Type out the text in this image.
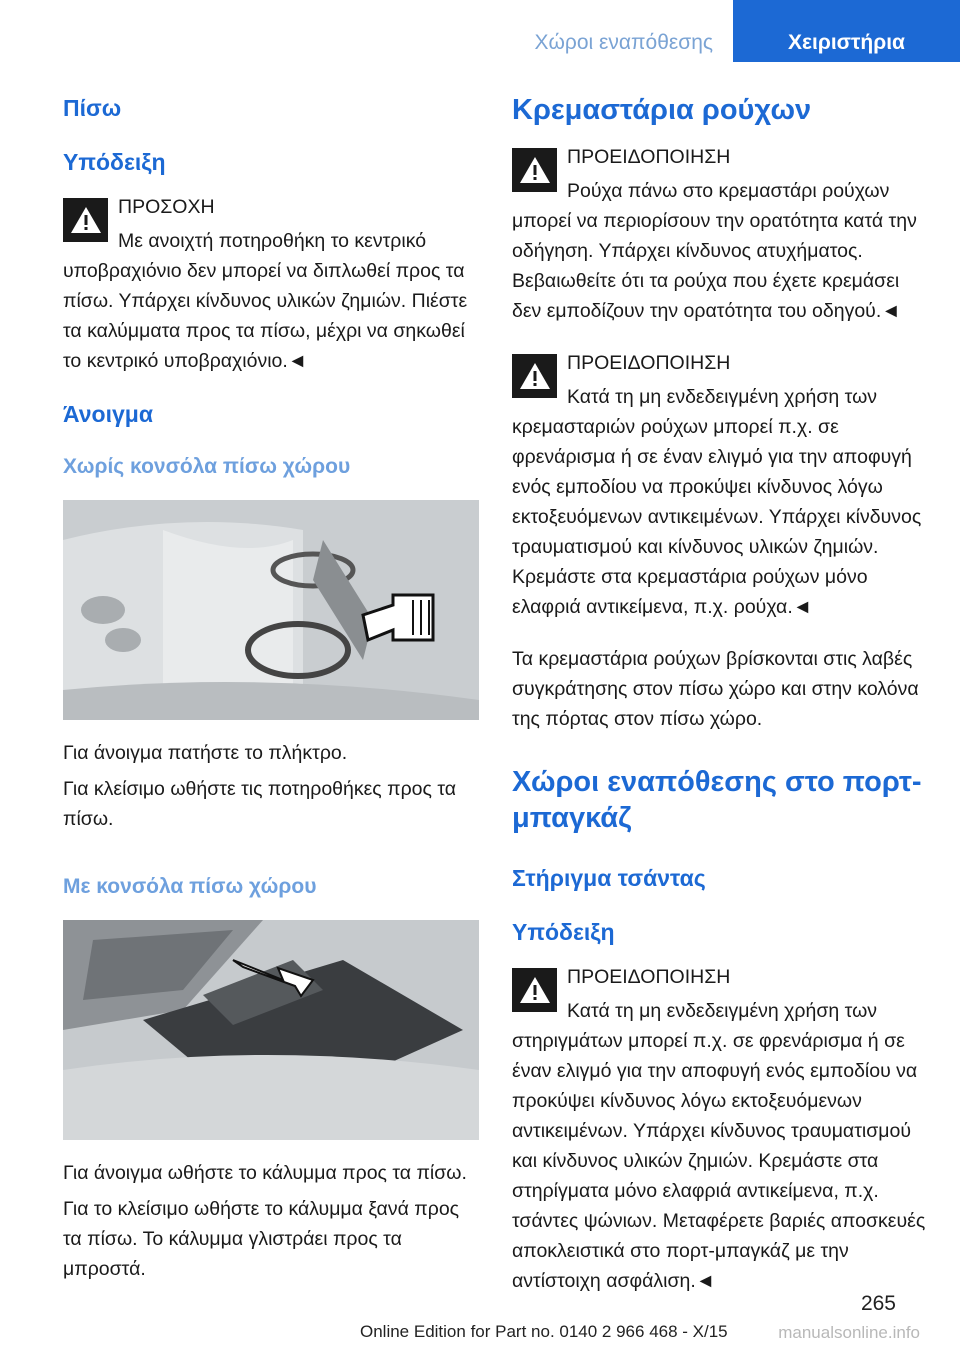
Χώροι εναπόθεσης	Χειριστήρια
Πίσω
Υπόδειξη

ΠΡΟΣΟΧΗ

Με ανοιχτή ποτηροθήκη το κεντρικό υποβραχιόνιο δεν μπορεί να διπλωθεί προς τα πίσω. Υπάρχει κίνδυνος υλικών ζημιών. Πιέστε τα καλύμματα προς τα πίσω, μέχρι να σηκωθεί το κεντρικό υποβραχιόνιο.◄

Άνοιγμα
Χωρίς κονσόλα πίσω χώρου

Για άνοιγμα πατήστε το πλήκτρο.

Για κλείσιμο ωθήστε τις ποτηροθήκες προς τα πίσω.

Με κονσόλα πίσω χώρου

Για άνοιγμα ωθήστε το κάλυμμα προς τα πίσω.

Για το κλείσιμο ωθήστε το κάλυμμα ξανά προς τα πίσω. Το κάλυμμα γλιστράει προς τα μπροστά.

Κρεμαστάρια ρούχων

ΠΡΟΕΙΔΟΠΟΙΗΣΗ

Ρούχα πάνω στο κρεμαστάρι ρούχων μπορεί να περιορίσουν την ορατότητα κατά την οδήγηση. Υπάρχει κίνδυνος ατυχήματος. Βεβαιωθείτε ότι τα ρούχα που έχετε κρεμάσει δεν εμποδίζουν την ορατότητα του οδηγού.◄

ΠΡΟΕΙΔΟΠΟΙΗΣΗ

Κατά τη μη ενδεδειγμένη χρήση των κρεμασταριών ρούχων μπορεί π.χ. σε φρενάρισμα ή σε έναν ελιγμό για την αποφυγή ενός εμποδίου να προκύψει κίνδυνος λόγω εκτοξευόμενων αντικειμένων. Υπάρχει κίνδυνος τραυματισμού και κίνδυνος υλικών ζημιών. Κρεμάστε στα κρεμαστάρια ρούχων μόνο ελαφριά αντικείμενα, π.χ. ρούχα.◄

Τα κρεμαστάρια ρούχων βρίσκονται στις λαβές συγκράτησης στον πίσω χώρο και στην κολόνα της πόρτας στον πίσω χώρο.

Χώροι εναπόθεσης στο πορτ-μπαγκάζ
Στήριγμα τσάντας
Υπόδειξη

ΠΡΟΕΙΔΟΠΟΙΗΣΗ

Κατά τη μη ενδεδειγμένη χρήση των στηριγμάτων μπορεί π.χ. σε φρενάρισμα ή σε έναν ελιγμό για την αποφυγή ενός εμποδίου να προκύψει κίνδυνος λόγω εκτοξευόμενων αντικειμένων. Υπάρχει κίνδυνος τραυματισμού και κίνδυνος υλικών ζημιών. Κρεμάστε στα στηρίγματα μόνο ελαφριά αντικείμενα, π.χ. τσάντες ψώνιων. Μεταφέρετε βαριές αποσκευές αποκλειστικά στο πορτ-μπαγκάζ με την αντίστοιχη ασφάλιση.◄

265
manualsonline.info
Online Edition for Part no. 0140 2 966 468 - X/15
